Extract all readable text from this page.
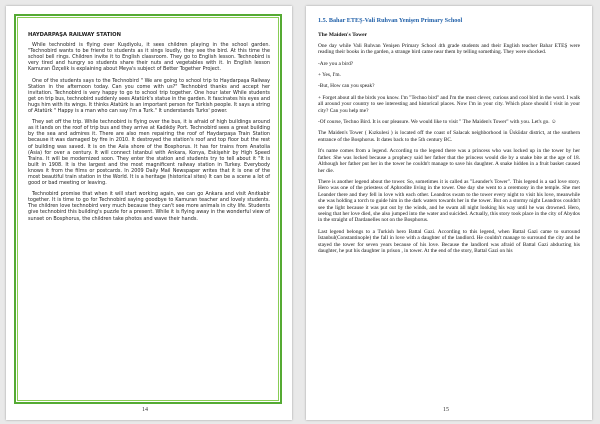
HAYDARPAŞA RAILWAY STATION

While technobird is flying over Kuşdiyolu, it sees children playing in the school garden. "Technobird wants to be friend to students as it sings loudly, they see the bird. At this time the school bell rings. Children invite it to English classroom. They go to English lesson. Technobird is very tired and hungry so students share their nuts and vegetables with it. In English lesson Kamuran Özçelik is explaining about Meya's subject of Better Together Project.

One of the students says to the Technobird " We are going to school trip to Haydarpaşa Railway Station in the afternoon today. Can you come with us?" Technobird thanks and accept her invitation. Technobird is very happy to go to school trip together. One hour later While students get on trip bus, technobird suddenly sees Atatürk's statue in the garden. It fascinates his eyes and hugs him with its wings. It thinks Atatürk is an important person for Turkish people. It says a string of Atatürk " Happy is a man who can say I'm a Turk." It understands Turks' power.

They set off the trip. While technobird is flying over the bus, it is afraid of high buildings around as it lands on the roof of trip bus and they arrive at Kadıköy Port. Technobird sees a great building by the sea and admires it. There are also men repairing the roof of Haydarpaşa Train Station because it was damaged by fire in 2010. It destroyed the station's roof and top floor but the rest of building was saved. It is on the Asia shore of the Bosphorus. It has for trains from Anatolia (Asia) for over a century. It will connect Istanbul with Ankara, Konya, Eskişehir by High Speed Trains. It will be modernized soon. They enter the station and students try to tell about it "It is built in 1908. It is the largest and the most magnificent railway station in Turkey. Everybody knows it from the films or postcards. In 2009 Daily Mail Newspaper writes that it is one of the most beautiful train station in the World. It is a heritage (historical sites) It can be a scene a lot of good or bad meeting or leaving.

Technobird promise that when it will start working again, we can go Ankara and visit Anıtkabir together. It is time to go for Technobird saying goodbye to Kamuran teacher and lovely students. The children love technobird very much because they can't see more animals in city life. Students give technobird this building's puzzle for a present. While it is flying away in the wonderful view of sunset on Bosphorus, the children take photos and wave their hands.

14
1.5. Bahar ETEŞ-Vali Ruhvan Yenişen Primary School
The Maiden's Tower

One day while Vali Ruhvan Yenişen Primary School 4th grade students and their English teacher Bahar ETEŞ were reading their books in the garden, a strange bird came near them by telling something. They were shocked.

-Are you a bird?

+ Yes, I'm.

-But, How can you speak?

+ Forget about all the birds you know. I'm "Techno bird" and I'm the most clever, curious and cool bird in the word. I walk all around your country to see interesting and historical places. Now I'm in your city. Which place should I visit in your city? Can you help me?

-Of course, Techno Bird. It is our pleasure. We would like to visit " The Maiden's Tower" with you. Let's go. ☺

The Maiden's Tower ( Kızkulesi ) is located off the coast of Salacak neighborhood in Üsküdar district, at the southern entrance of the Bosphorus. It dates back to the 5th century BC.

It's name comes from a legend. According to the legend there was a princess who was locked up in the tower by her father. She was locked because a prophecy said her father that the princess would die by a snake bite at the age of 18. Although her father put her in the tower he couldn't manage to save his daughter. A snake hidden in a fruit basket caused her die.

There is another legend about the tower. So, sometimes it is called as "Leander's Tower". This legend is a sad love story. Hero was one of the priestess of Aphrodite living in the tower. One day she went to a ceremony in the temple. She met Leander there and they fell in love with each other. Leandros swam to the tower every night to visit his love, meanwhile she was holding a torch to guide him in the dark waters towards her in the tower. But on a stormy night Leandros couldn't see the light because it was put out by the winds, and he swam all night looking his way until he was drowned. Hero, seeing that her love died, she also jumped into the water and suicided. Actually, this story took place in the city of Abydos in the straight of Dardanelles not on the Bosphorus.

Last legend belongs to a Turkish hero Battal Gazi. According to this legend, when Battal Gazi came to surround Istanbul(Constantinople) the fall in love with a daughter of the landlord. He couldn't manage to surround the city and he stayed the tower for seven years because of his love. Because the landlord was afraid of Battal Gazi abducting his daughter, he put his daughter in prison , in tower. At the end of the story, Battal Gazi on his

15
